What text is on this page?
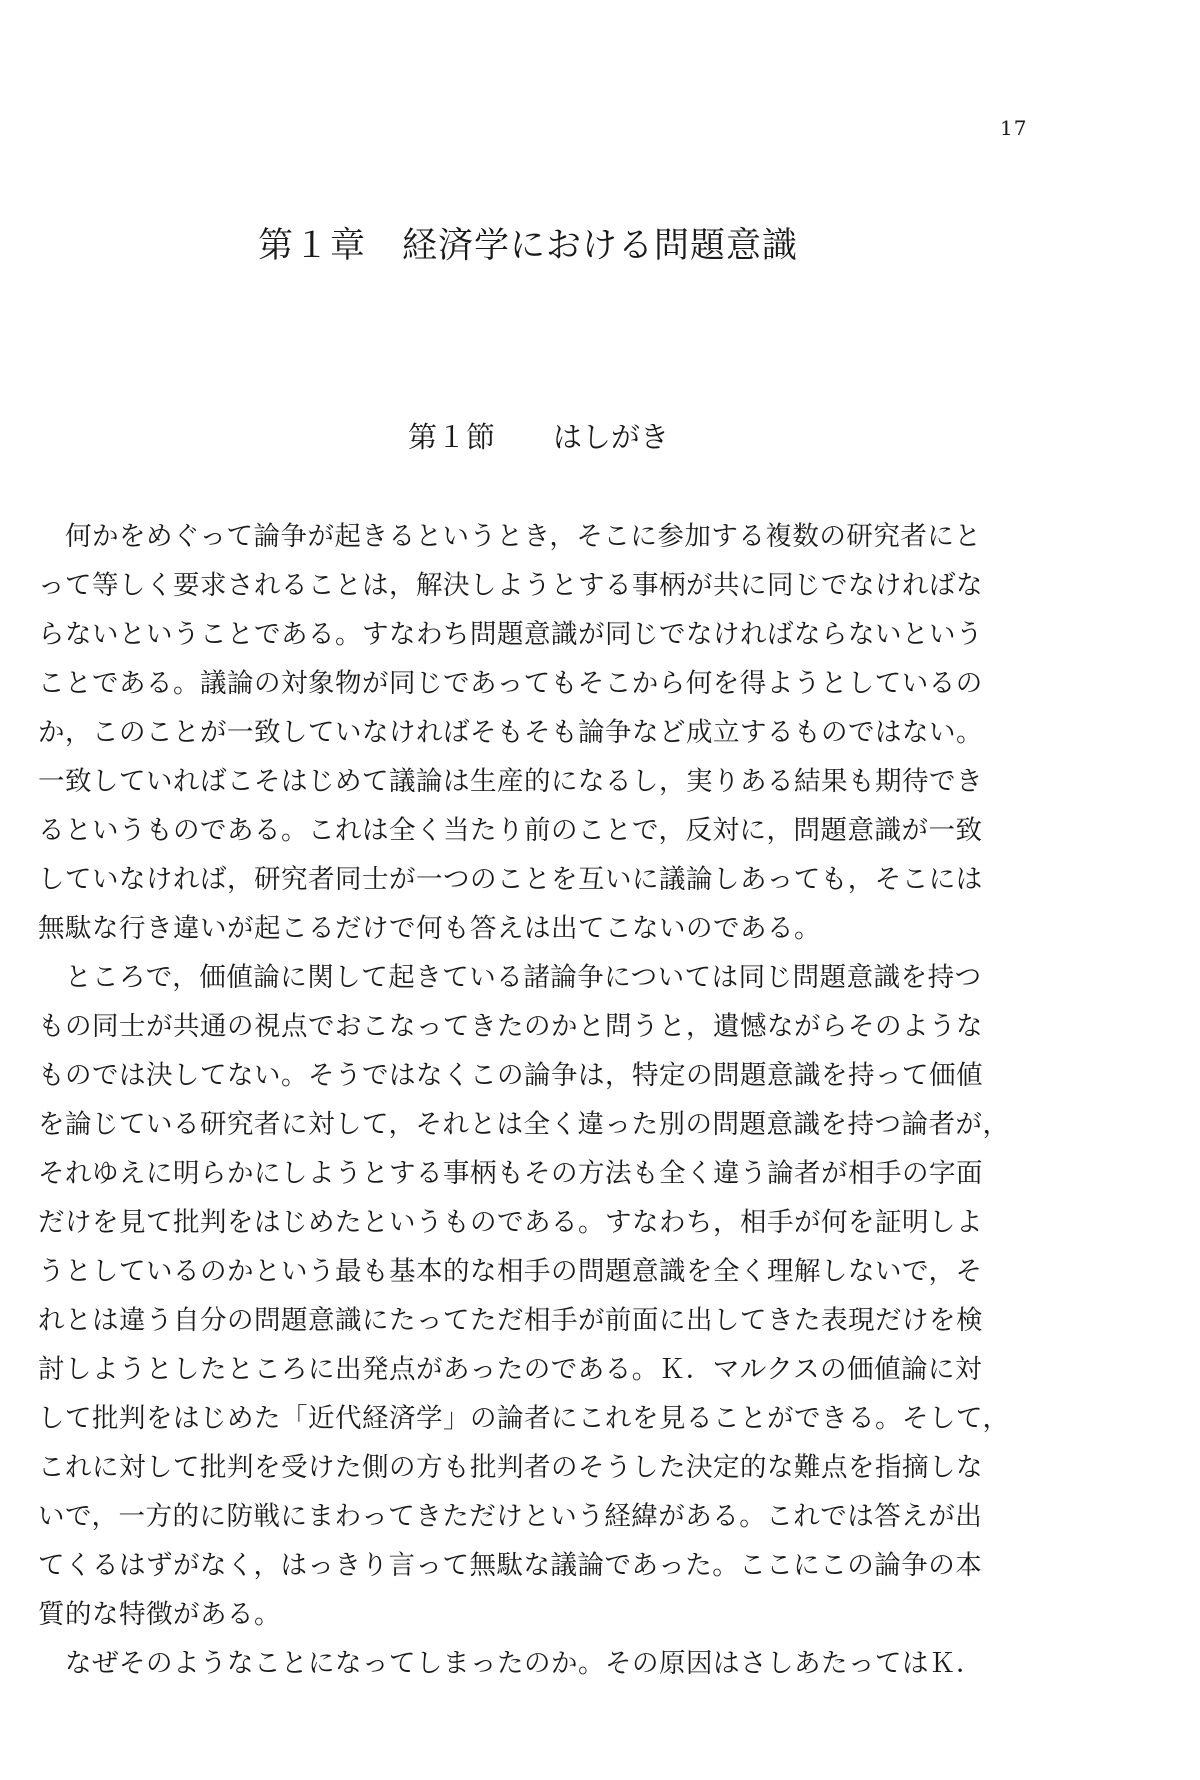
17
第１章　経済学における問題意識
第１節　　はしがき
　何かをめぐって論争が起きるというとき，そこに参加する複数の研究者にと
って等しく要求されることは，解決しようとする事柄が共に同じでなければな
らないということである。すなわち問題意識が同じでなければならないという
ことである。議論の対象物が同じであってもそこから何を得ようとしているの
か，このことが一致していなければそもそも論争など成立するものではない。
一致していればこそはじめて議論は生産的になるし，実りある結果も期待でき
るというものである。これは全く当たり前のことで，反対に，問題意識が一致
していなければ，研究者同士が一つのことを互いに議論しあっても，そこには
無駄な行き違いが起こるだけで何も答えは出てこないのである。
　ところで，価値論に関して起きている諸論争については同じ問題意識を持つ
もの同士が共通の視点でおこなってきたのかと問うと，遺憾ながらそのような
ものでは決してない。そうではなくこの論争は，特定の問題意識を持って価値
を論じている研究者に対して，それとは全く違った別の問題意識を持つ論者が，
それゆえに明らかにしようとする事柄もその方法も全く違う論者が相手の字面
だけを見て批判をはじめたというものである。すなわち，相手が何を証明しよ
うとしているのかという最も基本的な相手の問題意識を全く理解しないで，そ
れとは違う自分の問題意識にたってただ相手が前面に出してきた表現だけを検
討しようとしたところに出発点があったのである。Ｋ．マルクスの価値論に対
して批判をはじめた「近代経済学」の論者にこれを見ることができる。そして，
これに対して批判を受けた側の方も批判者のそうした決定的な難点を指摘しな
いで，一方的に防戦にまわってきただけという経緯がある。これでは答えが出
てくるはずがなく，はっきり言って無駄な議論であった。ここにこの論争の本
質的な特徴がある。
　なぜそのようなことになってしまったのか。その原因はさしあたってはＫ．
